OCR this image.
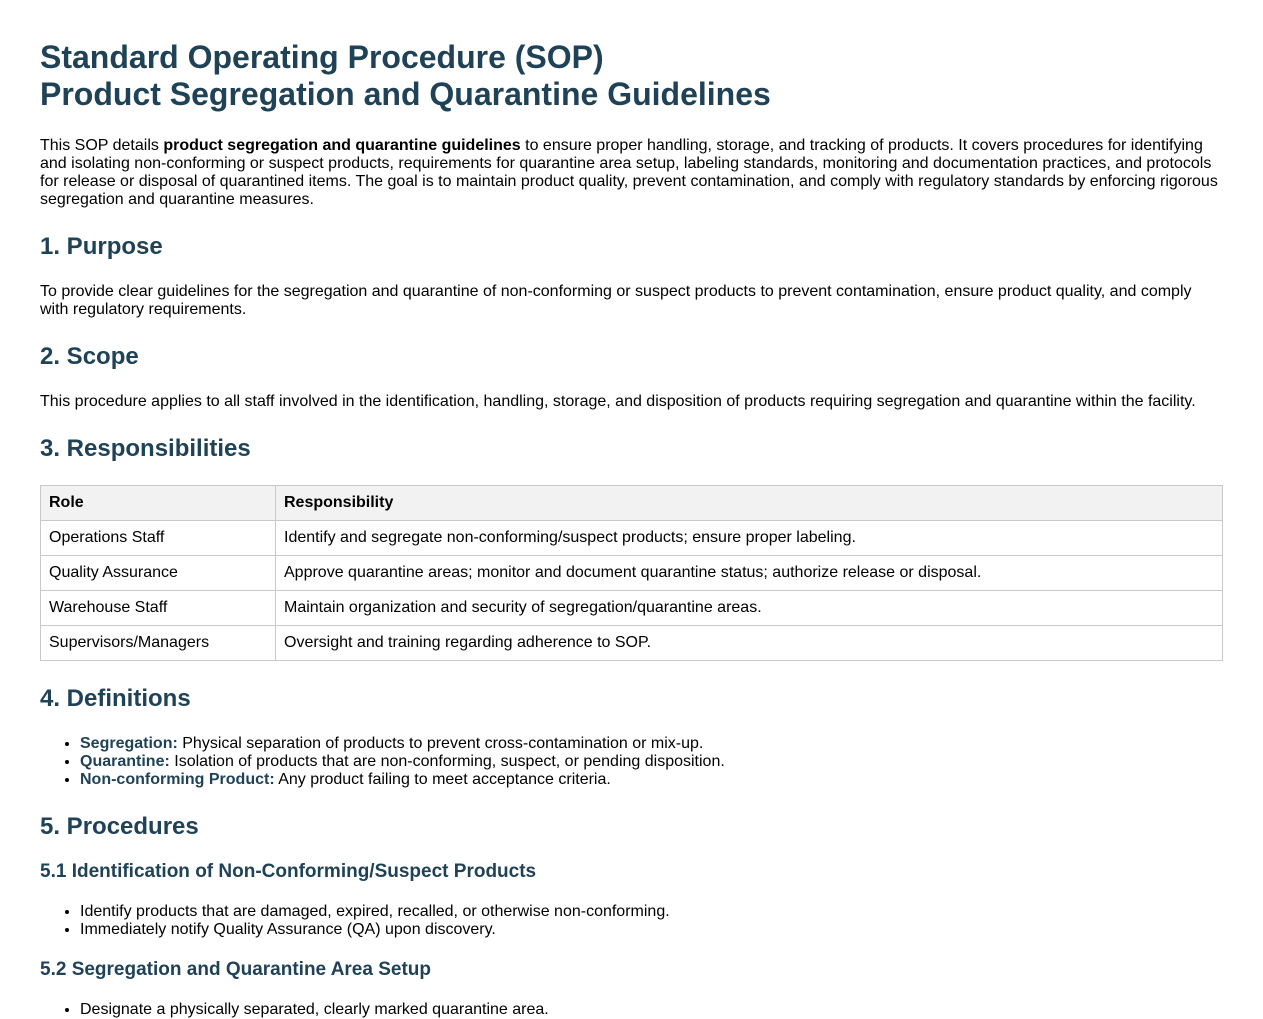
Standard Operating Procedure (SOP)
Product Segregation and Quarantine Guidelines

This SOP details product segregation and quarantine guidelines to ensure proper handling, storage, and tracking of products. It covers procedures for identifying and isolating non-conforming or suspect products, requirements for quarantine area setup, labeling standards, monitoring and documentation practices, and protocols for release or disposal of quarantined items. The goal is to maintain product quality, prevent contamination, and comply with regulatory standards by enforcing rigorous segregation and quarantine measures.

1. Purpose

To provide clear guidelines for the segregation and quarantine of non-conforming or suspect products to prevent contamination, ensure product quality, and comply with regulatory requirements.

2. Scope

This procedure applies to all staff involved in the identification, handling, storage, and disposition of products requiring segregation and quarantine within the facility.

3. Responsibilities
Role	Responsibility
Operations Staff	Identify and segregate non-conforming/suspect products; ensure proper labeling.
Quality Assurance	Approve quarantine areas; monitor and document quarantine status; authorize release or disposal.
Warehouse Staff	Maintain organization and security of segregation/quarantine areas.
Supervisors/Managers	Oversight and training regarding adherence to SOP.
4. Definitions
• Segregation: Physical separation of products to prevent cross-contamination or mix-up.
• Quarantine: Isolation of products that are non-conforming, suspect, or pending disposition.
• Non-conforming Product: Any product failing to meet acceptance criteria.
5. Procedures
5.1 Identification of Non-Conforming/Suspect Products
• Identify products that are damaged, expired, recalled, or otherwise non-conforming.
• Immediately notify Quality Assurance (QA) upon discovery.
5.2 Segregation and Quarantine Area Setup
• Designate a physically separated, clearly marked quarantine area.
